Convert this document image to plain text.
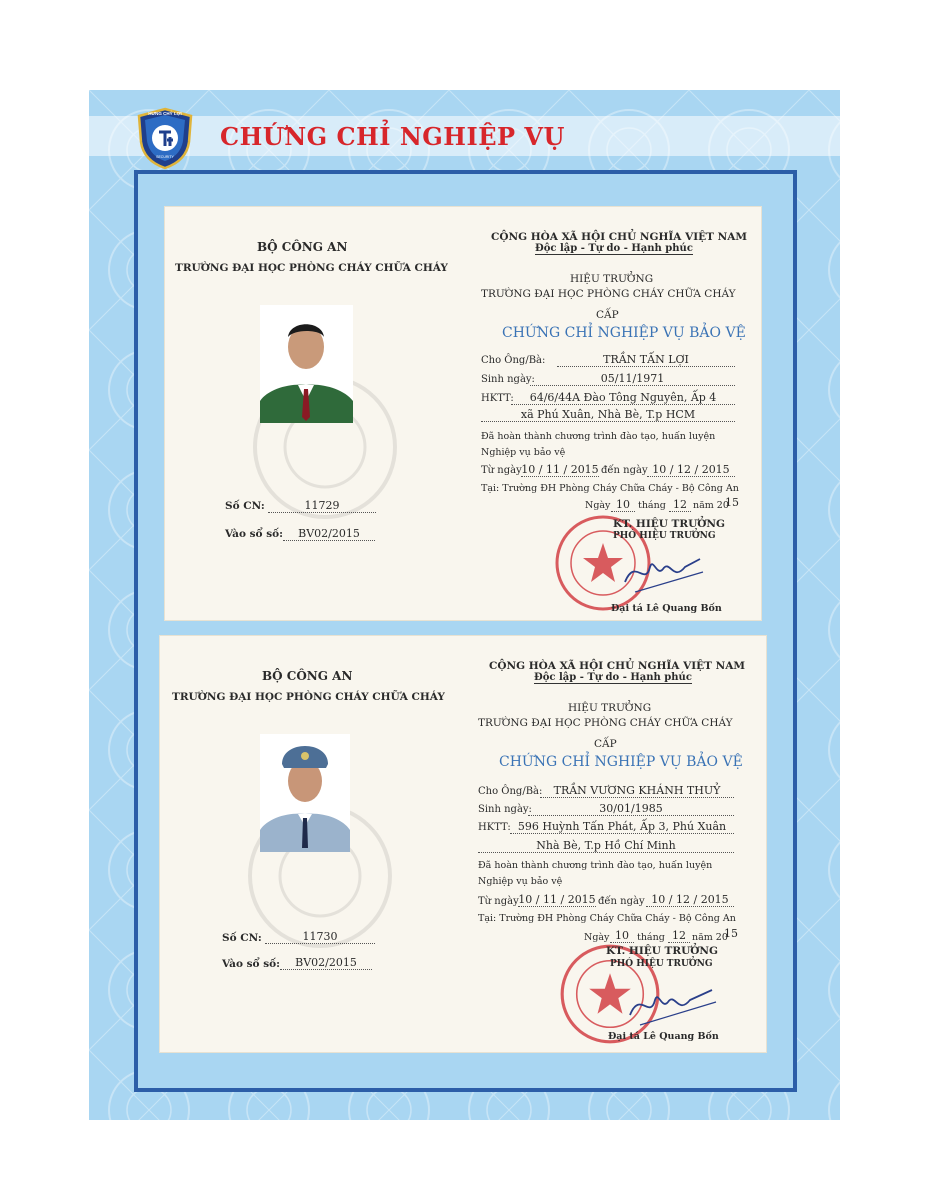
HƯNG CHỶ LỢI
SECURITY
CHỨNG CHỈ NGHIỆP VỤ
BỘ CÔNG AN
TRƯỜNG ĐẠI HỌC PHÒNG CHÁY CHỮA CHÁY
Số CN:	11729
Vào sổ số:	BV02/2015
CỘNG HÒA XÃ HỘI CHỦ NGHĨA VIỆT NAM
Độc lập - Tự do - Hạnh phúc
HIỆU TRƯỞNG
TRƯỜNG ĐẠI HỌC PHÒNG CHÁY CHỮA CHÁY
CẤP
CHỨNG CHỈ NGHIỆP VỤ BẢO VỆ
Cho Ông/Bà:	TRẦN TẤN LỢI
Sinh ngày:	05/11/1971
HKTT:	64/6/44A Đào Tông Nguyên, Ấp 4
xã Phú Xuân, Nhà Bè, T.p HCM
Đã hoàn thành chương trình đào tạo, huấn luyện
Nghiệp vụ bảo vệ
Từ ngày 10 / 11 / 2015 đến ngày 10 / 12 / 2015
Tại: Trường ĐH Phòng Cháy Chữa Cháy - Bộ Công An
Ngày 10 tháng 12 năm 20
15
KT. HIỆU TRƯỞNG
PHÓ HIỆU TRƯỞNG
Đại tá Lê Quang Bốn
BỘ CÔNG AN
TRƯỜNG ĐẠI HỌC PHÒNG CHÁY CHỮA CHÁY
Số CN:	11730
Vào sổ số:	BV02/2015
CỘNG HÒA XÃ HỘI CHỦ NGHĨA VIỆT NAM
Độc lập - Tự do - Hạnh phúc
HIỆU TRƯỞNG
TRƯỜNG ĐẠI HỌC PHÒNG CHÁY CHỮA CHÁY
CẤP
CHỨNG CHỈ NGHIỆP VỤ BẢO VỆ
Cho Ông/Bà:	TRẦN VƯƠNG KHÁNH THUỶ
Sinh ngày:	30/01/1985
HKTT: 596 Huỳnh Tấn Phát, Ấp 3, Phú Xuân
Nhà Bè, T.p Hồ Chí Minh
Đã hoàn thành chương trình đào tạo, huấn luyện
Nghiệp vụ bảo vệ
Từ ngày 10 / 11 / 2015 đến ngày 10 / 12 / 2015
Tại: Trường ĐH Phòng Cháy Chữa Cháy - Bộ Công An
Ngày 10 tháng 12 năm 20
15
KT. HIỆU TRƯỞNG
PHÓ HIỆU TRƯỞNG
Đại tá Lê Quang Bốn
